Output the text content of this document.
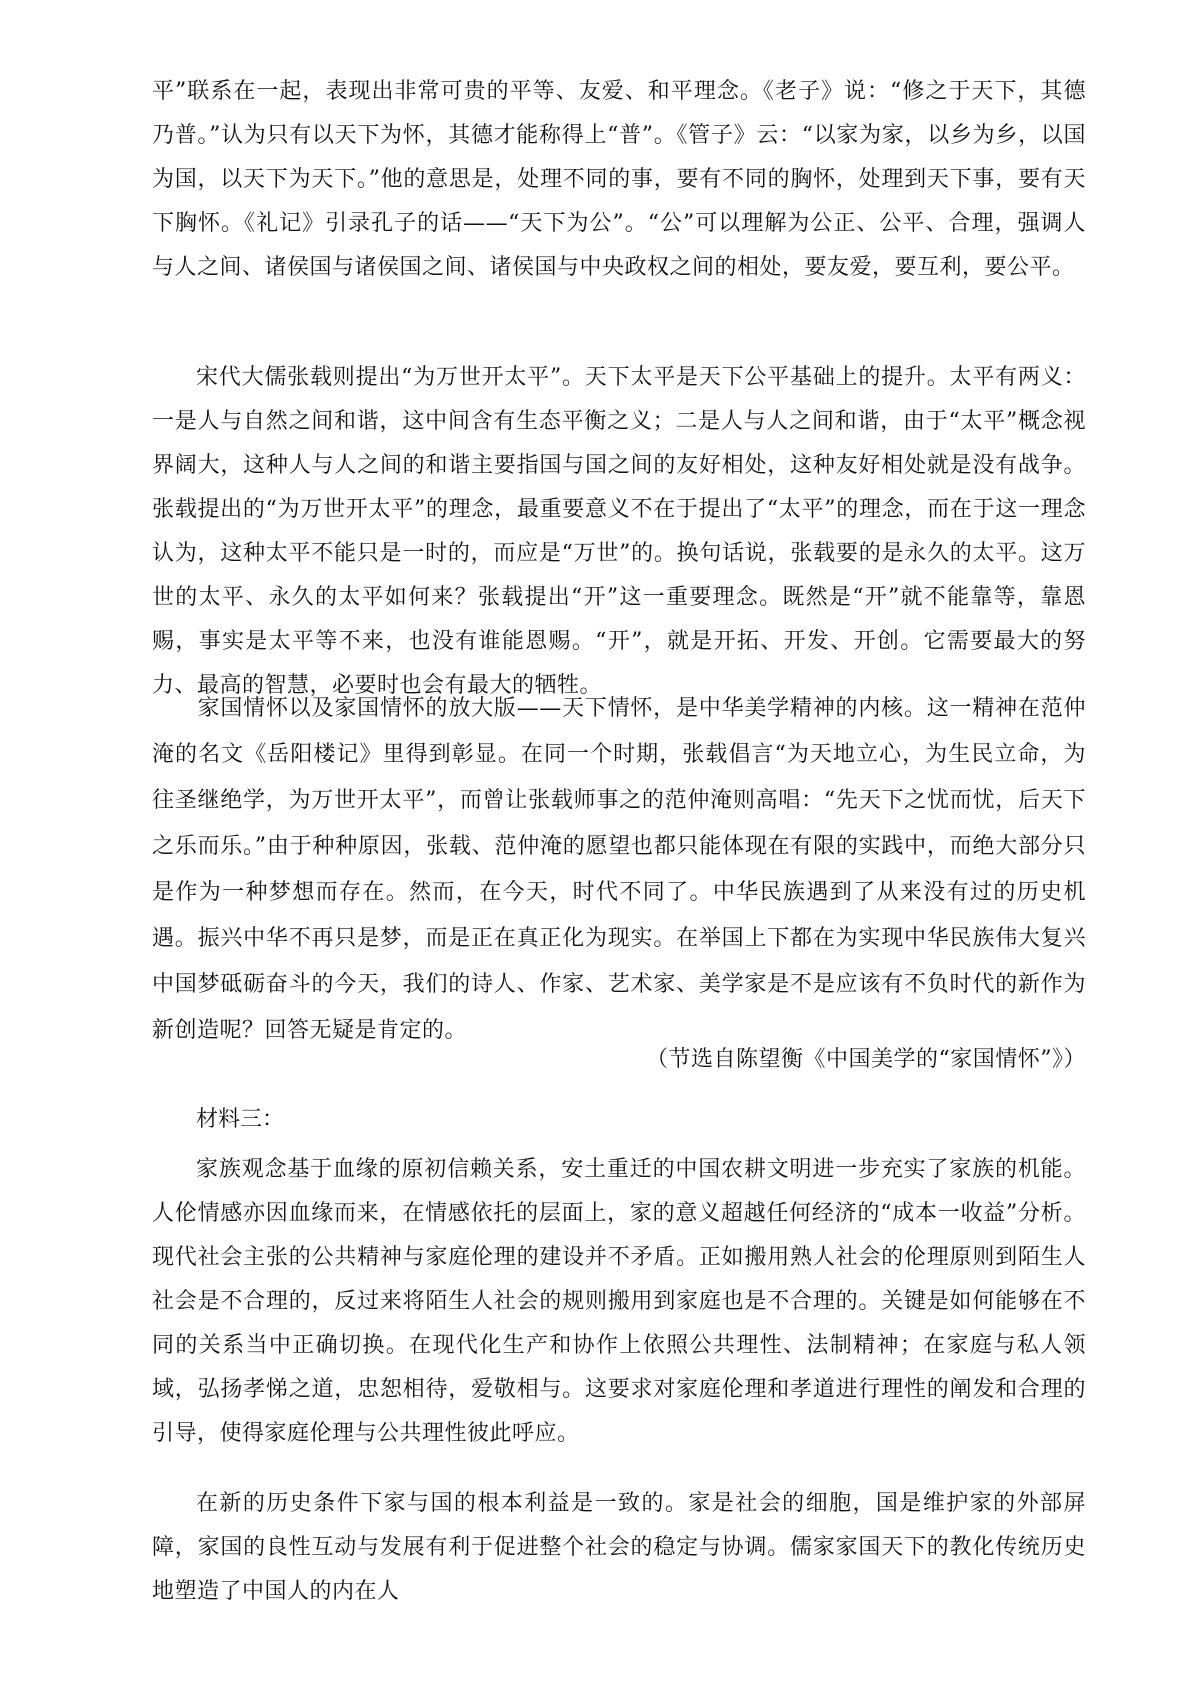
平”联系在一起，表现出非常可贵的平等、友爱、和平理念。《老子》说：“修之于天下，其德乃普。”认为只有以天下为怀，其德才能称得上“普”。《管子》云：“以家为家，以乡为乡，以国为国，以天下为天下。”他的意思是，处理不同的事，要有不同的胸怀，处理到天下事，要有天下胸怀。《礼记》引录孔子的话——“天下为公”。“公”可以理解为公正、公平、合理，强调人与人之间、诸侯国与诸侯国之间、诸侯国与中央政权之间的相处，要友爱，要互利，要公平。

宋代大儒张载则提出“为万世开太平”。天下太平是天下公平基础上的提升。太平有两义：一是人与自然之间和谐，这中间含有生态平衡之义；二是人与人之间和谐，由于“太平”概念视界阔大，这种人与人之间的和谐主要指国与国之间的友好相处，这种友好相处就是没有战争。张载提出的“为万世开太平”的理念，最重要意义不在于提出了“太平”的理念，而在于这一理念认为，这种太平不能只是一时的，而应是“万世”的。换句话说，张载要的是永久的太平。这万世的太平、永久的太平如何来？张载提出“开”这一重要理念。既然是“开”就不能靠等，靠恩赐，事实是太平等不来，也没有谁能恩赐。“开”，就是开拓、开发、开创。它需要最大的努力、最高的智慧，必要时也会有最大的牺牲。

　　家国情怀以及家国情怀的放大版——天下情怀，是中华美学精神的内核。这一精神在范仲淹的名文《岳阳楼记》里得到彰显。在同一个时期，张载倡言“为天地立心，为生民立命，为往圣继绝学，为万世开太平”，而曾让张载师事之的范仲淹则高唱：“先天下之忧而忧，后天下之乐而乐。”由于种种原因，张载、范仲淹的愿望也都只能体现在有限的实践中，而绝大部分只是作为一种梦想而存在。然而，在今天，时代不同了。中华民族遇到了从来没有过的历史机遇。振兴中华不再只是梦，而是正在真正化为现实。在举国上下都在为实现中华民族伟大复兴中国梦砥砺奋斗的今天，我们的诗人、作家、艺术家、美学家是不是应该有不负时代的新作为新创造呢？回答无疑是肯定的。

（节选自陈望衡《中国美学的“家国情怀”》）

材料三：

家族观念基于血缘的原初信赖关系，安土重迁的中国农耕文明进一步充实了家族的机能。人伦情感亦因血缘而来，在情感依托的层面上，家的意义超越任何经济的“成本一收益”分析。现代社会主张的公共精神与家庭伦理的建设并不矛盾。正如搬用熟人社会的伦理原则到陌生人社会是不合理的，反过来将陌生人社会的规则搬用到家庭也是不合理的。关键是如何能够在不同的关系当中正确切换。在现代化生产和协作上依照公共理性、法制精神；在家庭与私人领域，弘扬孝悌之道，忠恕相待，爱敬相与。这要求对家庭伦理和孝道进行理性的阐发和合理的引导，使得家庭伦理与公共理性彼此呼应。

在新的历史条件下家与国的根本利益是一致的。家是社会的细胞，国是维护家的外部屏障，家国的良性互动与发展有利于促进整个社会的稳定与协调。儒家家国天下的教化传统历史地塑造了中国人的内在人
